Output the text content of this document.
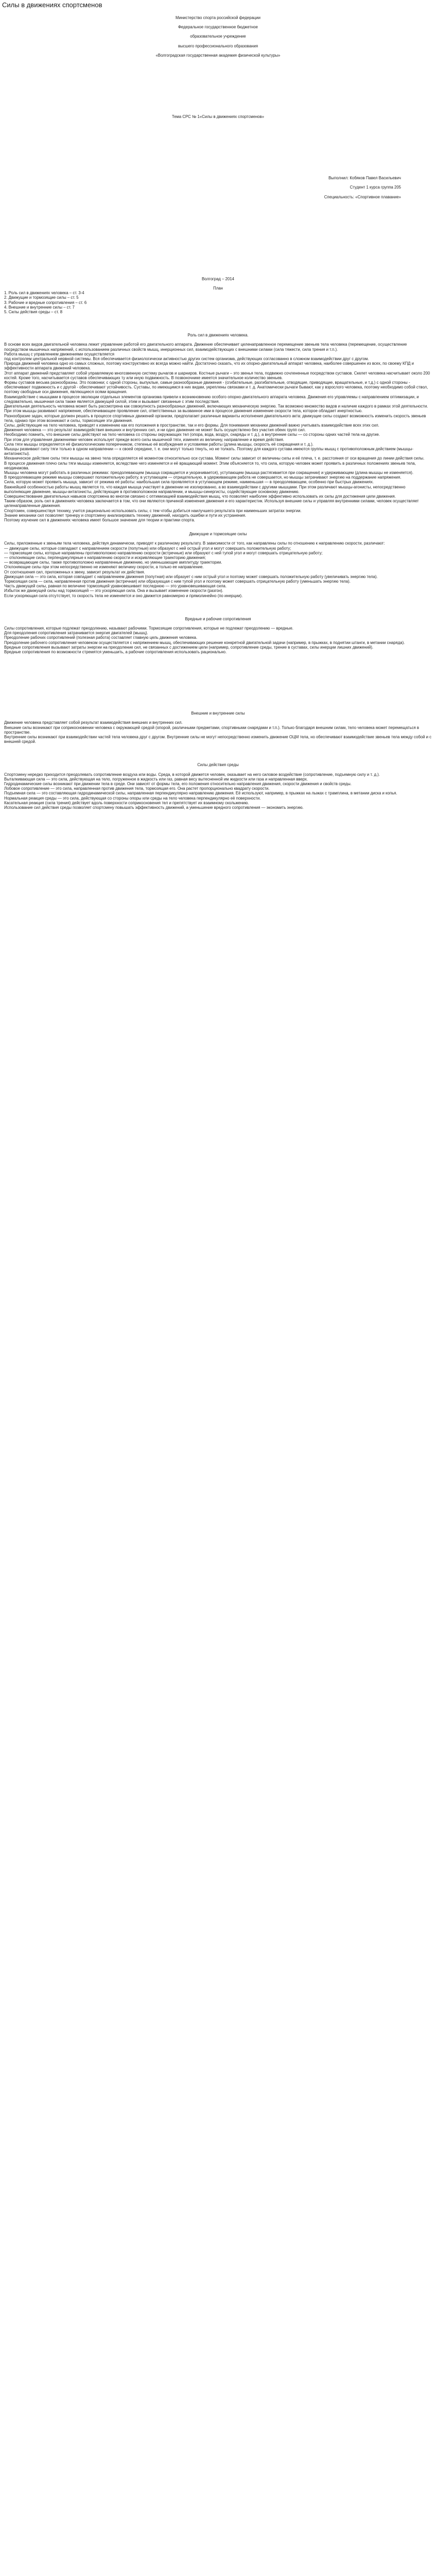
Силы в движениях спортсменов

Министерство спорта российской федерации

Федеральное государственное бюджетное

образовательное учреждение

высшего профессионального образования

«Волгоградская государственная академия физической культуры»

Тема СРС № 1«Силы в движениях спортсменов»

Выполнил: Кобяков Павел Васильевич

Студент 1 курса группа 205

Специальность: «Спортивное плавание»

Волгоград – 2014

План

1. Роль сил в движениях человека – ст. 3-4

2. Движущие и тормозящие силы – ст. 5

3. Рабочие и вредные сопротивления – ст. 6

4. Внешние и внутренние силы – ст. 7

5. Силы действия среды – ст. 8

Роль сил в движениях человека.

В основе всех видов двигательной человека лежит управление работой его двигательного аппарата. Движение обеспечивает целенаправленное перемещение звеньев тела человека (перемещение, осуществление посредством мышечных напряжений, с использованием различных свойств мышц, инерционных сил, взаимодействующих с внешними силами (сила тяжести, сила трения и т.п.).

Работа мышц с управлением движениями осуществляется

под контролем центральной нервной системы. Вся обеспечивается физиологически активностью других систем организма, действующих согласованно в сложном взаимодействии друг с другом.

Природа движений человека одно из самых сложных, поэтому конструктивно их всегда можно найти. Достаточно сказать, что их опорно-двигательный аппарат человека, наиболее совершенен из всех, по своему КПД и эффективности аппарата движений человека.

Этот аппарат движений представляет собой управляемую многозвенную систему рычагов и шарниров. Костные рычаги – это звенья тела, подвижно сочлененные посредством суставов. Скелет человека насчитывает около 200 костей. Кроме того, насчитывается суставов обеспечивающих ту или иную подвижность. В позвоночнике имеется значительное количество звеньев.

Формы суставов весьма разнообразны. Это позвонки; с одной стороны, выпуклые, самые разнообразные движения - (сгибательные, разгибательные, отводящие, приводящие, вращательные, и т.д.) с одной стороны - обеспечивают подвижность и с другой - обеспечивают устойчивость. Суставы, по имеющимся в них видам, укреплены связками и т. д. Анатомически рычаги бывают, как у взрослого человека, поэтому необходимо собой ствол, поэтому свободные оси движения, являющиеся осями вращения.

Взаимодействие с мышцами в процессе эволюции отдельных элементов организма привели к возникновению особого опорно-двигательного аппарата человека. Движения его управляемы с направлением оптимизации, и следовательно, мышечная сила также является движущей силой, этим и вызывает связанные с этим последствия.

Двигательная деятельность человека может быть рассмотрена как совокупность разнообразных движений, включающих механическую энергию. Так возможно множество видов и наличие каждого в рамках этой деятельности.

При этом мышцы развивают напряжение, обеспечивающее проявление сил, ответственных за вызванное ими в процессе движения изменение скорости тела, которое обладает инертностью.

Разнообразие задач, которые должен решать в процессе спортивных движений организм, предполагает различные варианты исполнения двигательного акта: движущие силы создают возможность изменить скорость звеньев тела, однако при этом возникают и силы, тормозящие эти движения.

Силы, действующие на тело человека, приводят к изменению как его положения в пространстве, так и его формы. Для понимания механики движений важно учитывать взаимодействие всех этих сил.

Движения человека — это результат взаимодействия внешних и внутренних сил, и ни одно движение не может быть осуществлено без участия обеих групп сил.

Необходимо помнить, что внешние силы действуют на тело человека со стороны окружающих тел (опора, вода, воздух, снаряды и т. д.), а внутренние силы — со стороны одних частей тела на другие.

При этом для управления движениями человек использует прежде всего силы мышечной тяги, изменяя их величину, направление и время действия.

Сила тяги мышцы определяется её физиологическим поперечником, степенью её возбуждения и условиями работы (длина мышцы, скорость её сокращения и т. д.).

Мышцы развивают силу тяги только в одном направлении — к своей середине, т. е. они могут только тянуть, но не толкать. Поэтому для каждого сустава имеются группы мышц с противоположным действием (мышцы-антагонисты).

Механическое действие силы тяги мышцы на звено тела определяется её моментом относительно оси сустава. Момент силы зависит от величины силы и её плеча, т. е. расстояния от оси вращения до линии действия силы.

В процессе движения плечо силы тяги мышцы изменяется, вследствие чего изменяется и её вращающий момент. Этим объясняется то, что сила, которую человек может проявить в различных положениях звеньев тела, неодинакова.

Мышцы человека могут работать в различных режимах: преодолевающем (мышца сокращается и укорачивается), уступающем (мышца растягивается при сокращении) и удерживающем (длина мышцы не изменяется).

В преодолевающем режиме мышцы совершают положительную работу, в уступающем — отрицательную, в удерживающем работа не совершается, но мышцы затрачивают энергию на поддержание напряжения.

Сила, которую может проявить мышца, зависит от режима её работы: наибольшая сила проявляется в уступающем режиме, наименьшая — в преодолевающем, особенно при быстрых движениях.

Важнейшей особенностью работы мышц является то, что каждая мышца участвует в движении не изолированно, а во взаимодействии с другими мышцами. При этом различают мышцы-агонисты, непосредственно выполняющие движение, мышцы-антагонисты, действующие в противоположном направлении, и мышцы-синергисты, содействующие основному движению.

Совершенствование двигательных навыков спортсмена во многом связано с оптимизацией взаимодействия мышц, что позволяет наиболее эффективно использовать их силы для достижения цели движения.

Таким образом, роль сил в движениях человека заключается в том, что они являются причиной изменения движения и его характеристик. Используя внешние силы и управляя внутренними силами, человек осуществляет целенаправленные движения.

Спортсмен, совершенствуя технику, учится рационально использовать силы, с тем чтобы добиться наилучшего результата при наименьших затратах энергии.

Знание механики сил позволяет тренеру и спортсмену анализировать технику движений, находить ошибки и пути их устранения.

Поэтому изучение сил в движениях человека имеет большое значение для теории и практики спорта.

Движущие и тормозящие силы

Силы, приложенные к звеньям тела человека, действуя динамически, приводят к различному результату. В зависимости от того, как направлены силы по отношению к направлению скорости, различают:

— движущие силы, которые совпадают с направлением скорости (попутные) или образуют с ней острый угол и могут совершать положительную работу;

— тормозящие силы, которые направлены противоположно направлению скорости (встречные) или образуют с ней тупой угол и могут совершать отрицательную работу;

— отклоняющие силы, перпендикулярные к направлению скорости и искривляющие траекторию движения;

— возвращающие силы, также противоположно направленные движению, но уменьшающие амплитуду траектории.

Отклоняющие силы при этом непосредственно не изменяют величину скорости, а только ее направление.

От соотношения сил, приложенных к звену, зависит результат их действия.

Движущая сила — это сила, которая совпадает с направлением движения (попутная) или образует с ним острый угол и поэтому может совершать положительную работу (увеличивать энергию тела).

Тормозящая сила — сила, направленная против движения (встречная) или образующая с ним тупой угол и поэтому может совершать отрицательную работу (уменьшать энергию тела).

Часть движущей силы, равная по величине тормозящей уравновешивает последнюю — это уравновешивающая сила.

Избыток же движущей силы над тормозящей — это ускоряющая сила. Она и вызывает изменение скорости (разгон).

Если ускоряющая сила отсутствует, то скорость тела не изменяется и оно движется равномерно и прямолинейно (по инерции).

Вредные и рабочие сопротивления

Силы сопротивления, которые подлежат преодолению, называют рабочими. Тормозящие сопротивления, которые не подлежат преодолению — вредные.

Для преодоления сопротивления затрачивается энергия двигателей (мышц).

Преодоление рабочих сопротивлений (полезная работа) составляет главную цель движения человека.

Преодоление рабочего сопротивления человеком осуществляется с напряжением мышц, обеспечивающих решение конкретной двигательной задачи (например, в прыжках, в поднятии штанги, в метании снаряда).

Вредные сопротивления вызывают затраты энергии на преодоление сил, не связанных с достижением цели (например, сопротивление среды, трение в суставах, силы инерции лишних движений).

Вредные сопротивления по возможности стремятся уменьшить, а рабочие сопротивления использовать рационально.

Внешние и внутренние силы

Движение человека представляет собой результат взаимодействия внешних и внутренних сил.

Внешние силы возникают при соприкосновении человека с окружающей средой (опорой, различными предметами, спортивными снарядами и т.п.). Только благодаря внешним силам, тело человека может перемещаться в пространстве.

Внутренние силы возникают при взаимодействии частей тела человека друг с другом. Внутренние силы не могут непосредственно изменить движение ОЦМ тела, но обеспечивают взаимодействие звеньев тела между собой и с внешней средой.

Силы действия среды

Спортсмену нередко приходится преодолевать сопротивление воздуха или воды. Среда, в которой движется человек, оказывает на него силовое воздействие (сопротивление, подъемную силу и т. д.).

Выталкивающая сила — это сила, действующая на тело, погруженное в жидкость или газ, равная весу вытесненной им жидкости или газа и направленная вверх.

Гидродинамические силы возникают при движении тела в среде. Они зависят от формы тела, его положения относительно направления движения, скорости движения и свойств среды.

Лобовое сопротивление — это сила, направленная против движения тела, тормозящая его. Она растет пропорционально квадрату скорости.

Подъемная сила — это составляющая гидродинамической силы, направленная перпендикулярно направлению движения. Её используют, например, в прыжках на лыжах с трамплина, в метании диска и копья.

Нормальная реакция среды — это сила, действующая со стороны опоры или среды на тело человека перпендикулярно её поверхности.

Касательная реакция (сила трения) действует вдоль поверхности соприкосновения тел и препятствует их взаимному скольжению.

Использование сил действия среды позволяет спортсмену повышать эффективность движений, а уменьшение вредного сопротивления — экономить энергию.
